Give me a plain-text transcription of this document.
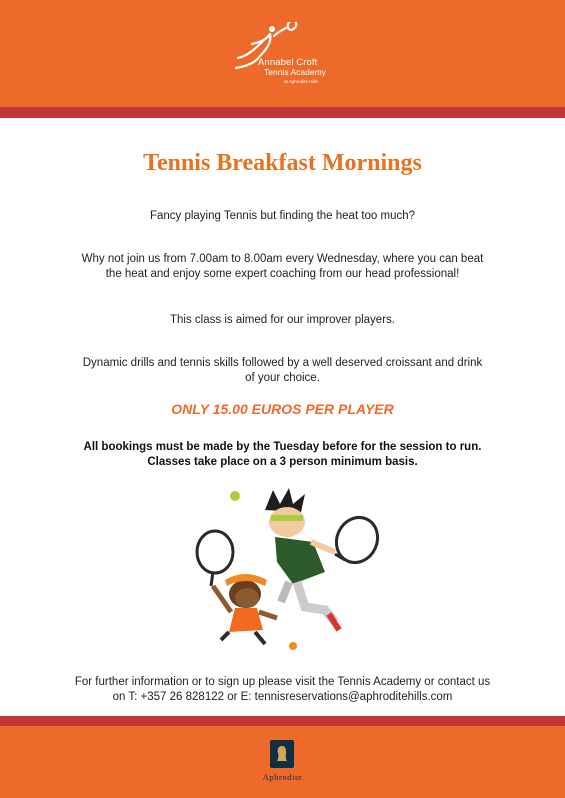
Annabel Croft
Tennis Academy
at Aphrodite Hills
Tennis Breakfast Mornings
Fancy playing Tennis but finding the heat too much?
Why not join us from 7.00am to 8.00am every Wednesday, where you can beat the heat and enjoy some expert coaching from our head professional!
This class is aimed for our improver players.
Dynamic drills and tennis skills followed by a well deserved croissant and drink of your choice.
ONLY 15.00 EUROS PER PLAYER
All bookings must be made by the Tuesday before for the session to run.
Classes take place on a 3 person minimum basis.
For further information or to sign up please visit the Tennis Academy or contact us
on T: +357 26 828122 or E: tennisreservations@aphroditehills.com
Aphrodite
